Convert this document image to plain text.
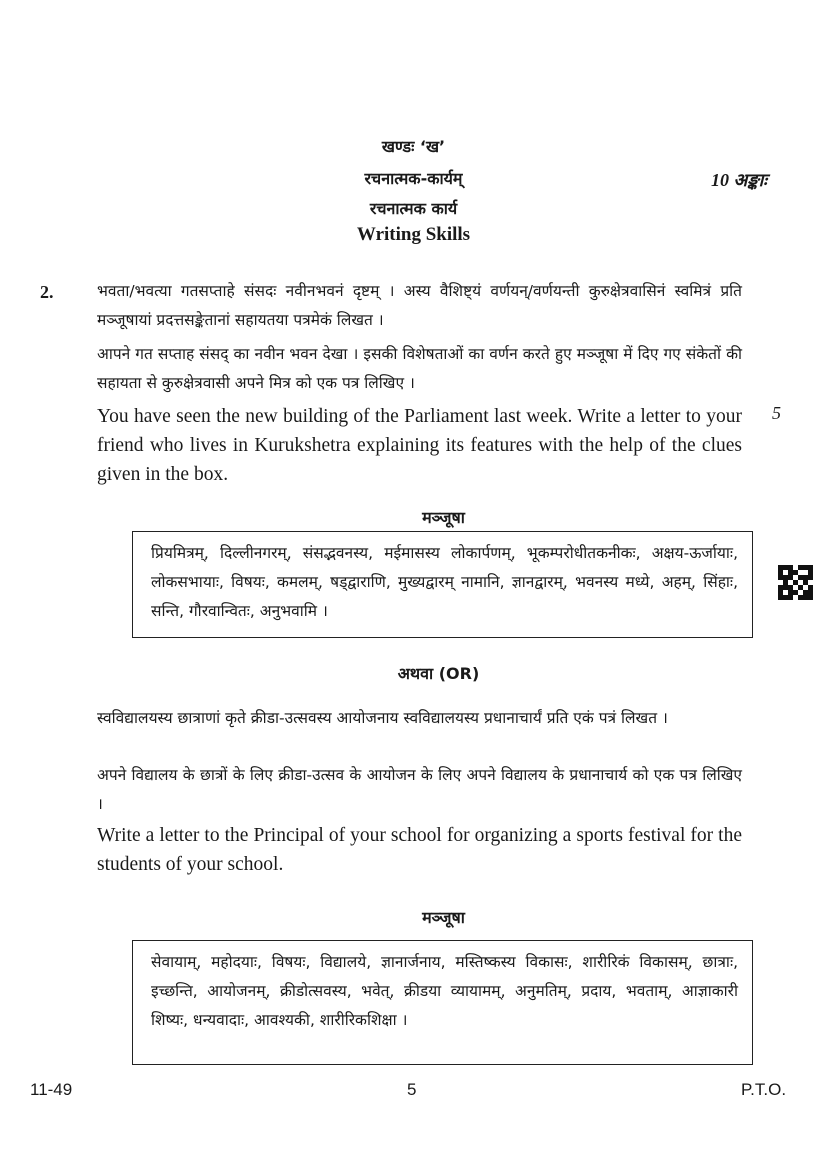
खण्डः ‘ख’
रचनात्मक-कार्यम्	10 अङ्काः
रचनात्मक कार्य
Writing Skills
2.	भवता/भवत्या गतसप्ताहे संसदः नवीनभवनं दृष्टम् । अस्य वैशिष्ट्यं वर्णयन्/वर्णयन्ती कुरुक्षेत्रवासिनं स्वमित्रं प्रति मञ्जूषायां प्रदत्तसङ्केतानां सहायतया पत्रमेकं लिखत ।
आपने गत सप्ताह संसद् का नवीन भवन देखा । इसकी विशेषताओं का वर्णन करते हुए मञ्जूषा में दिए गए संकेतों की सहायता से कुरुक्षेत्रवासी अपने मित्र को एक पत्र लिखिए ।
5
You have seen the new building of the Parliament last week. Write a letter to your friend who lives in Kurukshetra explaining its features with the help of the clues given in the box.
मञ्जूषा
प्रियमित्रम्, दिल्लीनगरम्, संसद्भवनस्य, मईमासस्य लोकार्पणम्, भूकम्परोधीतकनीकः, अक्षय-ऊर्जायाः, लोकसभायाः, विषयः, कमलम्, षड्द्वाराणि, मुख्यद्वारम् नामानि, ज्ञानद्वारम्, भवनस्य मध्ये, अहम्, सिंहाः, सन्ति, गौरवान्वितः, अनुभवामि ।
अथवा (OR)
स्वविद्यालयस्य छात्राणां कृते क्रीडा-उत्सवस्य आयोजनाय स्वविद्यालयस्य प्रधानाचार्यं प्रति एकं पत्रं लिखत ।
अपने विद्यालय के छात्रों के लिए क्रीडा-उत्सव के आयोजन के लिए अपने विद्यालय के प्रधानाचार्य को एक पत्र लिखिए ।
Write a letter to the Principal of your school for organizing a sports festival for the students of your school.
मञ्जूषा
सेवायाम्, महोदयाः, विषयः, विद्यालये, ज्ञानार्जनाय, मस्तिष्कस्य विकासः, शारीरिकं विकासम्, छात्राः, इच्छन्ति, आयोजनम्, क्रीडोत्सवस्य, भवेत्, क्रीडया व्यायामम्, अनुमतिम्, प्रदाय, भवताम्, आज्ञाकारी शिष्यः, धन्यवादाः, आवश्यकी, शारीरिकशिक्षा ।
11-49	5	P.T.O.
